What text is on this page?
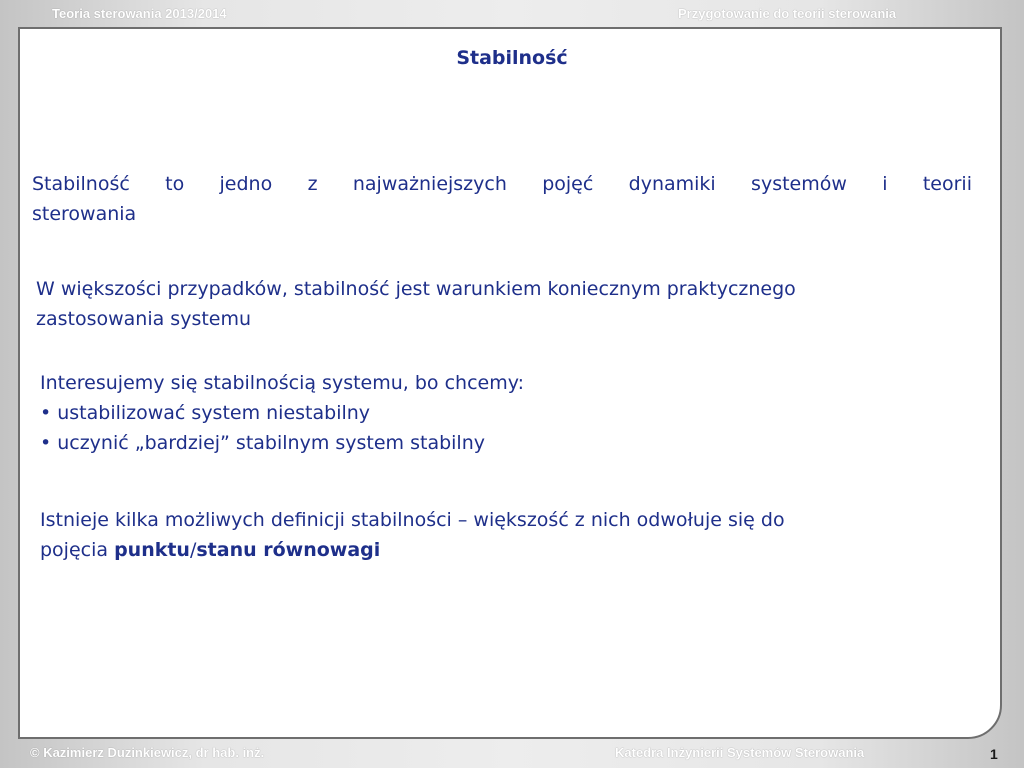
Teoria sterowania 2013/2014	Przygotowanie do teorii sterowania
Stabilność
Stabilność to jedno z najważniejszych pojęć dynamiki systemów i teorii
sterowania
W większości przypadków, stabilność jest warunkiem koniecznym praktycznego
zastosowania systemu
Interesujemy się stabilnością systemu, bo chcemy:
• ustabilizować system niestabilny
• uczynić „bardziej” stabilnym system stabilny
Istnieje kilka możliwych definicji stabilności – większość z nich odwołuje się do
pojęcia punktu/stanu równowagi
© Kazimierz Duzinkiewicz, dr hab. inż.	Katedra Inżynierii Systemów Sterowania	1
